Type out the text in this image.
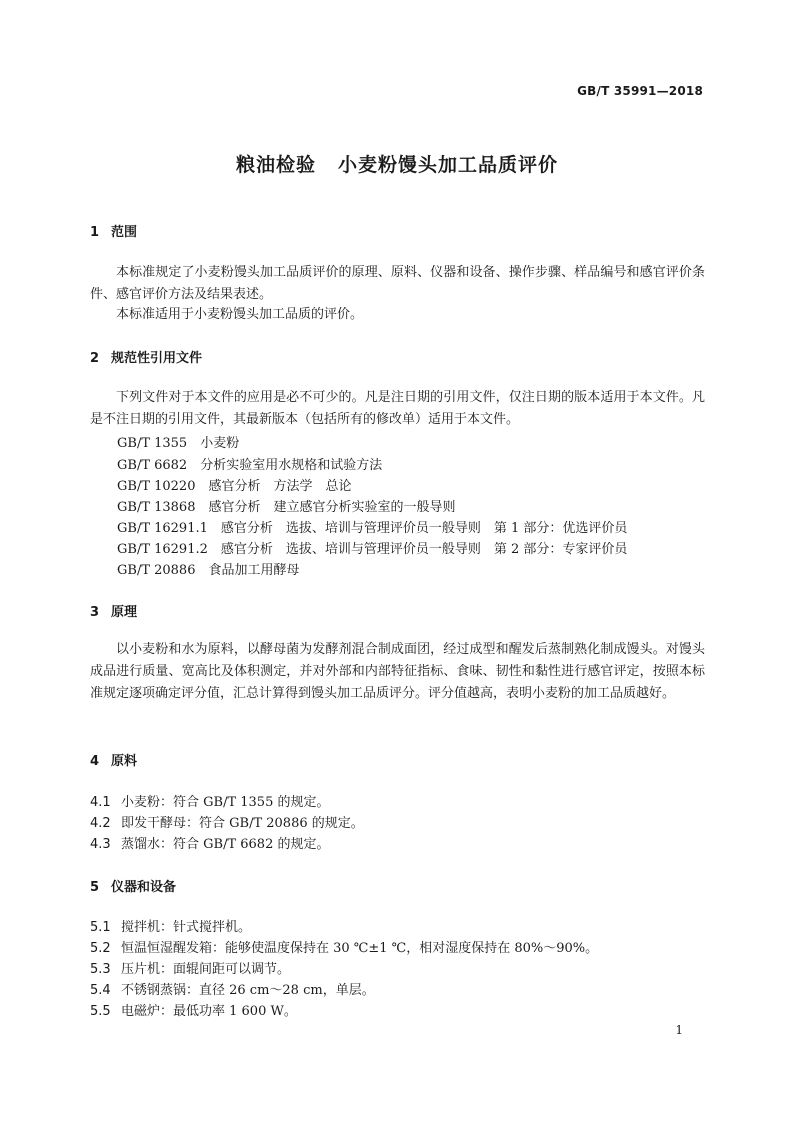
GB/T 35991—2018
粮油检验 小麦粉馒头加工品质评价
1 范围

本标准规定了小麦粉馒头加工品质评价的原理、原料、仪器和设备、操作步骤、样品编号和感官评价条件、感官评价方法及结果表述。

本标准适用于小麦粉馒头加工品质的评价。

2 规范性引用文件

下列文件对于本文件的应用是必不可少的。凡是注日期的引用文件，仅注日期的版本适用于本文件。凡是不注日期的引用文件，其最新版本（包括所有的修改单）适用于本文件。

GB/T 1355　小麦粉
GB/T 6682　分析实验室用水规格和试验方法
GB/T 10220　感官分析　方法学　总论
GB/T 13868　感官分析　建立感官分析实验室的一般导则
GB/T 16291.1　感官分析　选拔、培训与管理评价员一般导则　第 1 部分：优选评价员
GB/T 16291.2　感官分析　选拔、培训与管理评价员一般导则　第 2 部分：专家评价员
GB/T 20886　食品加工用酵母
3 原理

以小麦粉和水为原料，以酵母菌为发酵剂混合制成面团，经过成型和醒发后蒸制熟化制成馒头。对馒头成品进行质量、宽高比及体积测定，并对外部和内部特征指标、食味、韧性和黏性进行感官评定，按照本标准规定逐项确定评分值，汇总计算得到馒头加工品质评分。评分值越高，表明小麦粉的加工品质越好。

4 原料
4.1 小麦粉：符合 GB/T 1355 的规定。
4.2 即发干酵母：符合 GB/T 20886 的规定。
4.3 蒸馏水：符合 GB/T 6682 的规定。
5 仪器和设备
5.1 搅拌机：针式搅拌机。
5.2 恒温恒湿醒发箱：能够使温度保持在 30 ℃±1 ℃，相对湿度保持在 80%～90%。
5.3 压片机：面辊间距可以调节。
5.4 不锈钢蒸锅：直径 26 cm～28 cm，单层。
5.5 电磁炉：最低功率 1 600 W。
1
